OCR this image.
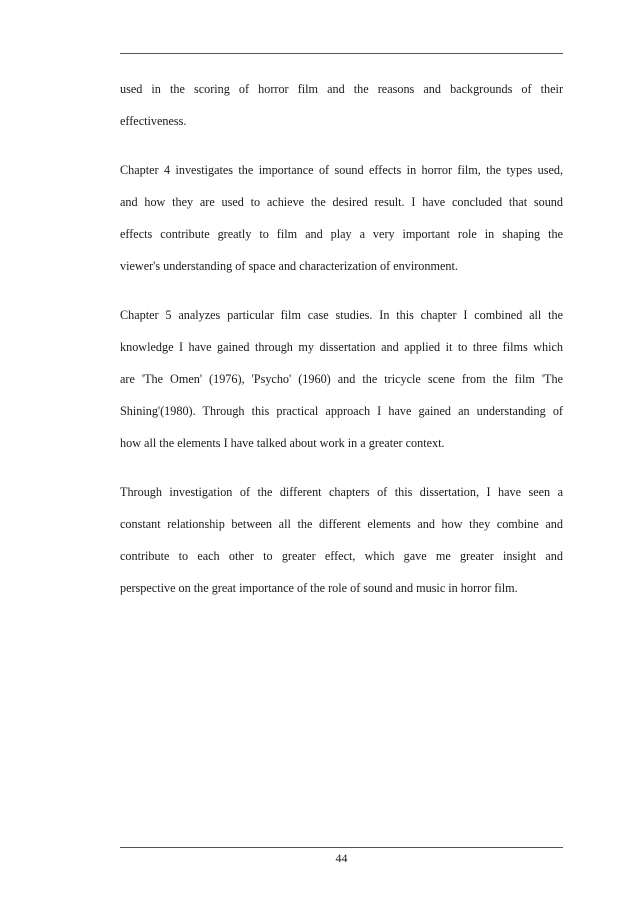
used in the scoring of horror film and the reasons and backgrounds of their
effectiveness.

Chapter 4 investigates the importance of sound effects in horror film, the types used,
and how they are used to achieve the desired result. I have concluded that sound
effects contribute greatly to film and play a very important role in shaping the
viewer's understanding of space and characterization of environment.

Chapter 5 analyzes particular film case studies. In this chapter I combined all the
knowledge I have gained through my dissertation and applied it to three films which
are 'The Omen' (1976), 'Psycho' (1960) and the tricycle scene from the film 'The
Shining'(1980). Through this practical approach I have gained an understanding of
how all the elements I have talked about work in a greater context.

Through investigation of the different chapters of this dissertation, I have seen a
constant relationship between all the different elements and how they combine and
contribute to each other to greater effect, which gave me greater insight and
perspective on the great importance of the role of sound and music in horror film.

44
